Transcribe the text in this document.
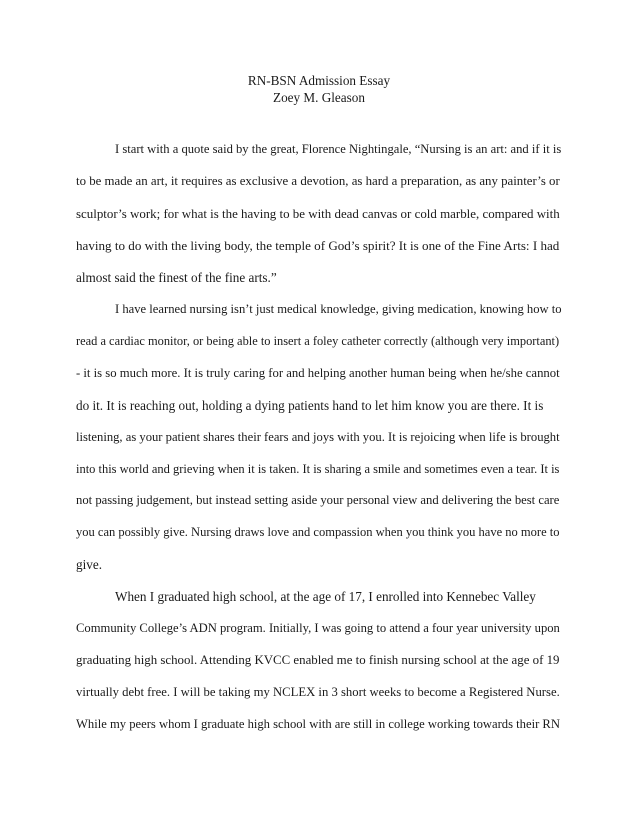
RN-BSN Admission Essay
Zoey M. Gleason
I start with a quote said by the great, Florence Nightingale, “Nursing is an art: and if it is
to be made an art, it requires as exclusive a devotion, as hard a preparation, as any painter’s or
sculptor’s work; for what is the having to be with dead canvas or cold marble, compared with
having to do with the living body, the temple of God’s spirit? It is one of the Fine Arts: I had
almost said the finest of the fine arts.”
I have learned nursing isn’t just medical knowledge, giving medication, knowing how to
read a cardiac monitor, or being able to insert a foley catheter correctly (although very important)
- it is so much more. It is truly caring for and helping another human being when he/she cannot
do it. It is reaching out, holding a dying patients hand to let him know you are there. It is
listening, as your patient shares their fears and joys with you. It is rejoicing when life is brought
into this world and grieving when it is taken. It is sharing a smile and sometimes even a tear. It is
not passing judgement, but instead setting aside your personal view and delivering the best care
you can possibly give. Nursing draws love and compassion when you think you have no more to
give.
When I graduated high school, at the age of 17, I enrolled into Kennebec Valley
Community College’s ADN program. Initially, I was going to attend a four year university upon
graduating high school. Attending KVCC enabled me to finish nursing school at the age of 19
virtually debt free. I will be taking my NCLEX in 3 short weeks to become a Registered Nurse.
While my peers whom I graduate high school with are still in college working towards their RN
